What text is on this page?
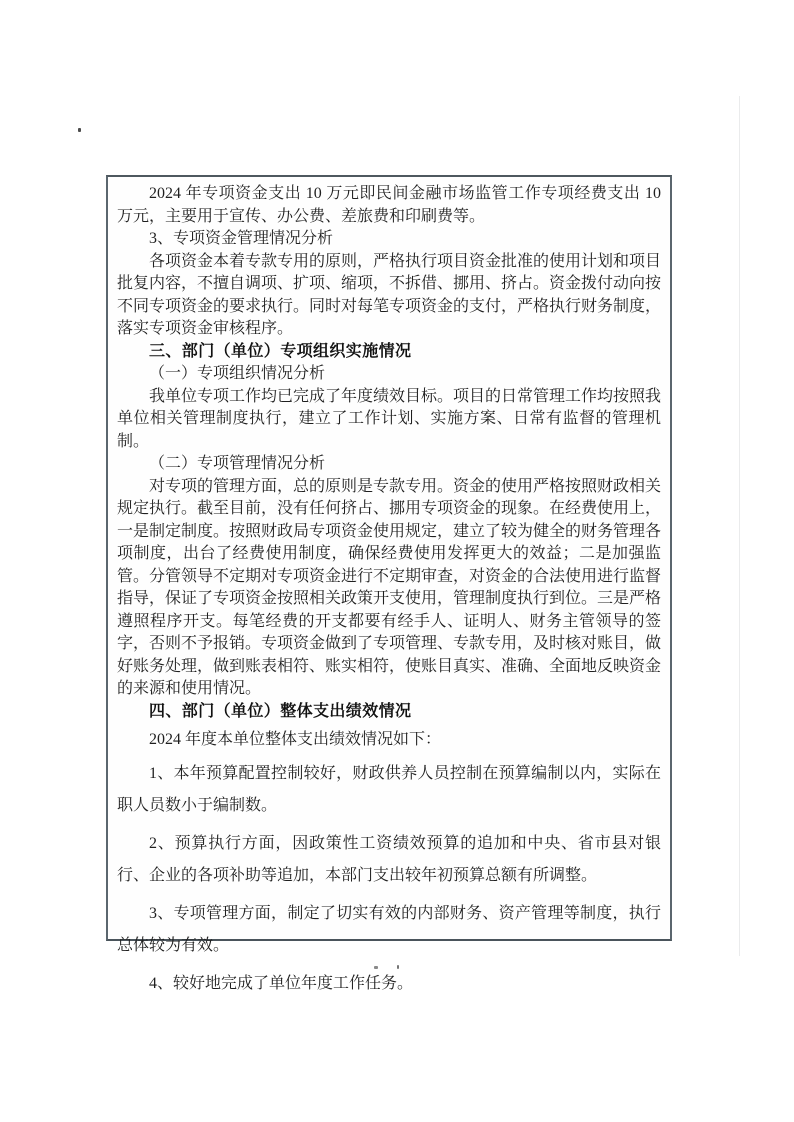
2024 年专项资金支出 10 万元即民间金融市场监管工作专项经费支出 10 万元，主要用于宣传、办公费、差旅费和印刷费等。

3、专项资金管理情况分析

各项资金本着专款专用的原则，严格执行项目资金批准的使用计划和项目批复内容，不擅自调项、扩项、缩项，不拆借、挪用、挤占。资金拨付动向按不同专项资金的要求执行。同时对每笔专项资金的支付，严格执行财务制度，落实专项资金审核程序。

三、部门（单位）专项组织实施情况

（一）专项组织情况分析

我单位专项工作均已完成了年度绩效目标。项目的日常管理工作均按照我单位相关管理制度执行，建立了工作计划、实施方案、日常有监督的管理机制。

（二）专项管理情况分析

对专项的管理方面，总的原则是专款专用。资金的使用严格按照财政相关规定执行。截至目前，没有任何挤占、挪用专项资金的现象。在经费使用上，一是制定制度。按照财政局专项资金使用规定，建立了较为健全的财务管理各项制度，出台了经费使用制度，确保经费使用发挥更大的效益；二是加强监管。分管领导不定期对专项资金进行不定期审查，对资金的合法使用进行监督指导，保证了专项资金按照相关政策开支使用，管理制度执行到位。三是严格遵照程序开支。每笔经费的开支都要有经手人、证明人、财务主管领导的签字，否则不予报销。专项资金做到了专项管理、专款专用，及时核对账目，做好账务处理，做到账表相符、账实相符，使账目真实、准确、全面地反映资金的来源和使用情况。

四、部门（单位）整体支出绩效情况

2024 年度本单位整体支出绩效情况如下：

1、本年预算配置控制较好，财政供养人员控制在预算编制以内，实际在职人员数小于编制数。

2、预算执行方面，因政策性工资绩效预算的追加和中央、省市县对银行、企业的各项补助等追加，本部门支出较年初预算总额有所调整。

3、专项管理方面，制定了切实有效的内部财务、资产管理等制度，执行总体较为有效。

4、较好地完成了单位年度工作任务。
